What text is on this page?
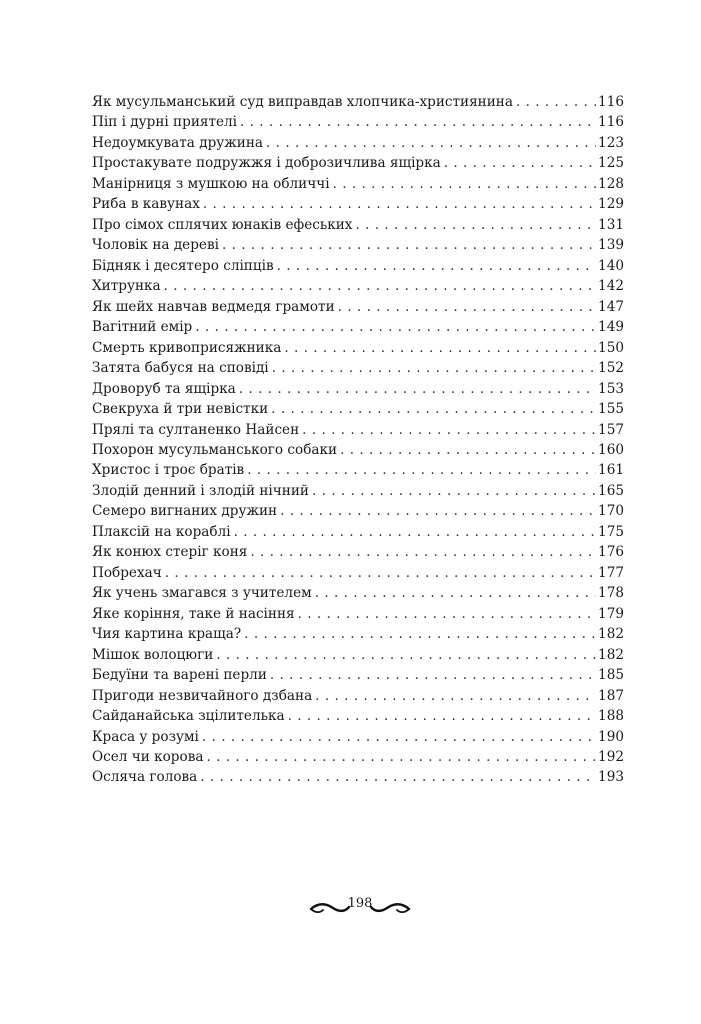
Як мусульманський суд виправдав хлопчика-християнина . . .	116
Піп і дурні приятелі . . .	116
Недоумкувата дружина . . .	123
Простакувате подружжя і доброзичлива ящірка . . .	125
Манірниця з мушкою на обличчі . . .	128
Риба в кавунах . . .	129
Про сімох сплячих юнаків ефеських . . .	131
Чоловік на дереві . . .	139
Бідняк і десятеро сліпців . . .	140
Хитрунка . . .	142
Як шейх навчав ведмедя грамоти . . .	147
Вагітний емір . . .	149
Смерть кривоприсяжника . . .	150
Затята бабуся на сповіді . . .	152
Дроворуб та ящірка . . .	153
Свекруха й три невістки . . .	155
Прялі та султаненко Найсен . . .	157
Похорон мусульманського собаки . . .	160
Христос і троє братів . . .	161
Злодій денний і злодій нічний . . .	165
Семеро вигнаних дружин . . .	170
Плаксій на кораблі . . .	175
Як конюх стеріг коня . . .	176
Побрехач . . .	177
Як учень змагався з учителем . . .	178
Яке коріння, таке й насіння . . .	179
Чия картина краща? . . .	182
Мішок волоцюги . . .	182
Бедуїни та варені перли . . .	185
Пригоди незвичайного дзбана . . .	187
Сайданайська зцілителька . . .	188
Краса у розумі . . .	190
Осел чи корова . . .	192
Осляча голова . . .	193
198
